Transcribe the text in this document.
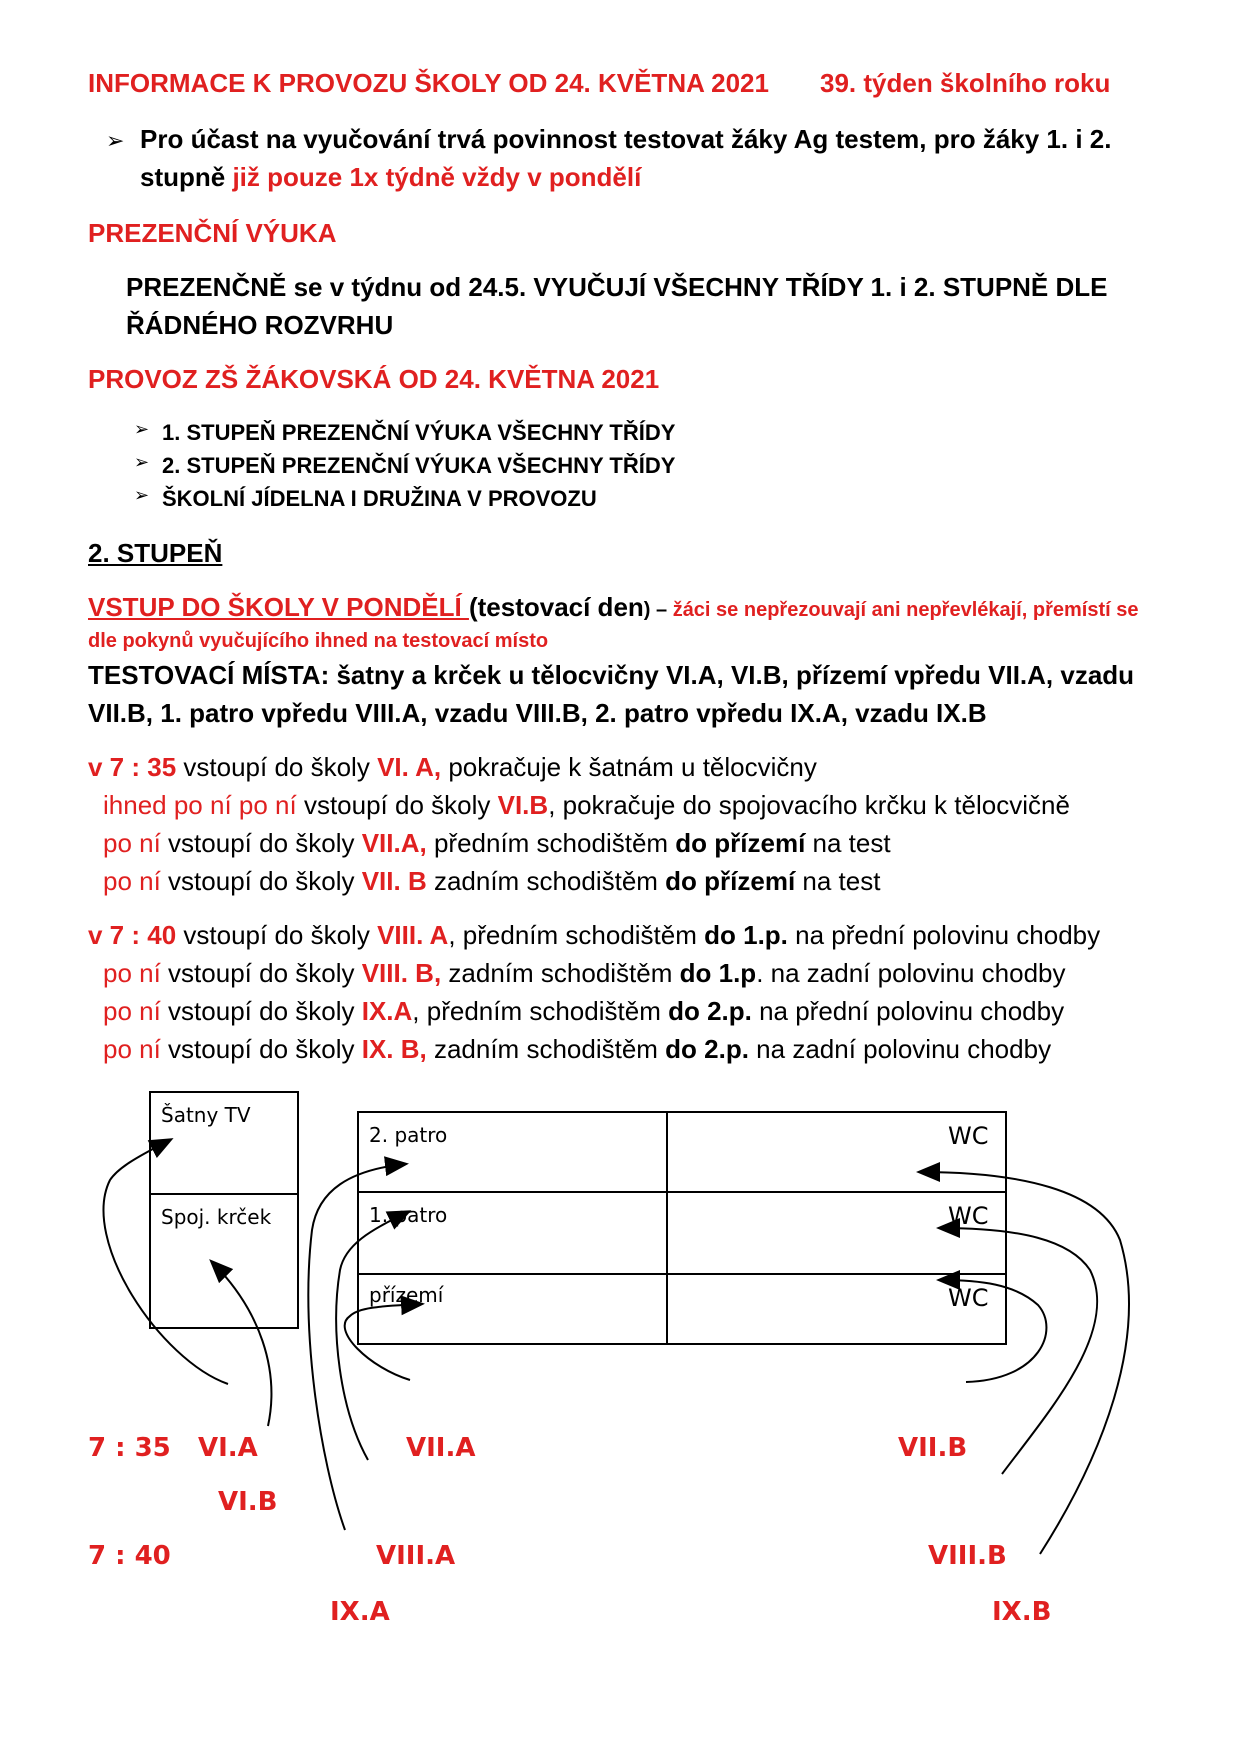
INFORMACE K PROVOZU ŠKOLY OD 24. KVĚTNA 2021 39. týden školního roku
➢ Pro účast na vyučování trvá povinnost testovat žáky Ag testem, pro žáky 1. i 2.
stupně již pouze 1x týdně vždy v pondělí
PREZENČNÍ VÝUKA
PREZENČNĚ se v týdnu od 24.5. VYUČUJÍ VŠECHNY TŘÍDY 1. i 2. STUPNĚ DLE
ŘÁDNÉHO ROZVRHU
PROVOZ ZŠ ŽÁKOVSKÁ OD 24. KVĚTNA 2021
➢ 1. STUPEŇ PREZENČNÍ VÝUKA VŠECHNY TŘÍDY
➢ 2. STUPEŇ PREZENČNÍ VÝUKA VŠECHNY TŘÍDY
➢ ŠKOLNÍ JÍDELNA I DRUŽINA V PROVOZU
2. STUPEŇ
VSTUP DO ŠKOLY V PONDĚLÍ (testovací den) – žáci se nepřezouvají ani nepřevlékají, přemístí se
dle pokynů vyučujícího ihned na testovací místo
TESTOVACÍ MÍSTA: šatny a krček u tělocvičny VI.A, VI.B, přízemí vpředu VII.A, vzadu
VII.B, 1. patro vpředu VIII.A, vzadu VIII.B, 2. patro vpředu IX.A, vzadu IX.B
v 7 : 35 vstoupí do školy VI. A, pokračuje k šatnám u tělocvičny
ihned po ní po ní vstoupí do školy VI.B, pokračuje do spojovacího krčku k tělocvičně
po ní vstoupí do školy VII.A, předním schodištěm do přízemí na test
po ní vstoupí do školy VII. B zadním schodištěm do přízemí na test
v 7 : 40 vstoupí do školy VIII. A, předním schodištěm do 1.p. na přední polovinu chodby
po ní vstoupí do školy VIII. B, zadním schodištěm do 1.p. na zadní polovinu chodby
po ní vstoupí do školy IX.A, předním schodištěm do 2.p. na přední polovinu chodby
po ní vstoupí do školy IX. B, zadním schodištěm do 2.p. na zadní polovinu chodby
Šatny TV
Spoj. krček
2. patro
1. patro
přízemí
WC
WC
WC
7 : 35 VI.A
VI.B
VII.A	VII.B
7 : 40	VIII.A	VIII.B
IX.A	IX.B
